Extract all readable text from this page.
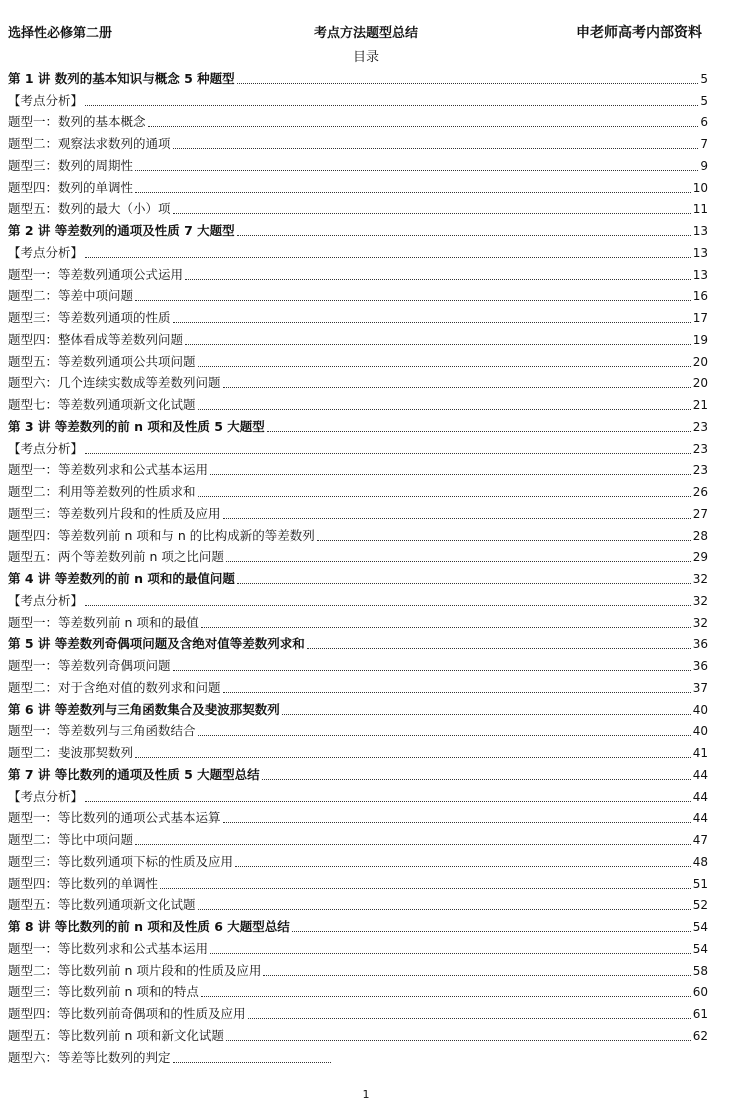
选择性必修第二册	考点方法题型总结	申老师高考内部资料
目录
第 1 讲 数列的基本知识与概念 5 种题型	5
【考点分析】	5
题型一：数列的基本概念	6
题型二：观察法求数列的通项	7
题型三：数列的周期性	9
题型四：数列的单调性	10
题型五：数列的最大（小）项	11
第 2 讲 等差数列的通项及性质 7 大题型	13
【考点分析】	13
题型一：等差数列通项公式运用	13
题型二：等差中项问题	16
题型三：等差数列通项的性质	17
题型四：整体看成等差数列问题	19
题型五：等差数列通项公共项问题	20
题型六：几个连续实数成等差数列问题	20
题型七：等差数列通项新文化试题	21
第 3 讲 等差数列的前 n 项和及性质 5 大题型	23
【考点分析】	23
题型一：等差数列求和公式基本运用	23
题型二：利用等差数列的性质求和	26
题型三：等差数列片段和的性质及应用	27
题型四：等差数列前 n 项和与 n 的比构成新的等差数列	28
题型五：两个等差数列前 n 项之比问题	29
第 4 讲 等差数列的前 n 项和的最值问题	32
【考点分析】	32
题型一：等差数列前 n 项和的最值	32
第 5 讲 等差数列奇偶项问题及含绝对值等差数列求和	36
题型一：等差数列奇偶项问题	36
题型二：对于含绝对值的数列求和问题	37
第 6 讲 等差数列与三角函数集合及斐波那契数列	40
题型一：等差数列与三角函数结合	40
题型二：斐波那契数列	41
第 7 讲 等比数列的通项及性质 5 大题型总结	44
【考点分析】	44
题型一：等比数列的通项公式基本运算	44
题型二：等比中项问题	47
题型三：等比数列通项下标的性质及应用	48
题型四：等比数列的单调性	51
题型五：等比数列通项新文化试题	52
第 8 讲 等比数列的前 n 项和及性质 6 大题型总结	54
题型一：等比数列求和公式基本运用	54
题型二：等比数列前 n 项片段和的性质及应用	58
题型三：等比数列前 n 项和的特点	60
题型四：等比数列前奇偶项和的性质及应用	61
题型五：等比数列前 n 项和新文化试题	62
题型六：等差等比数列的判定
1
